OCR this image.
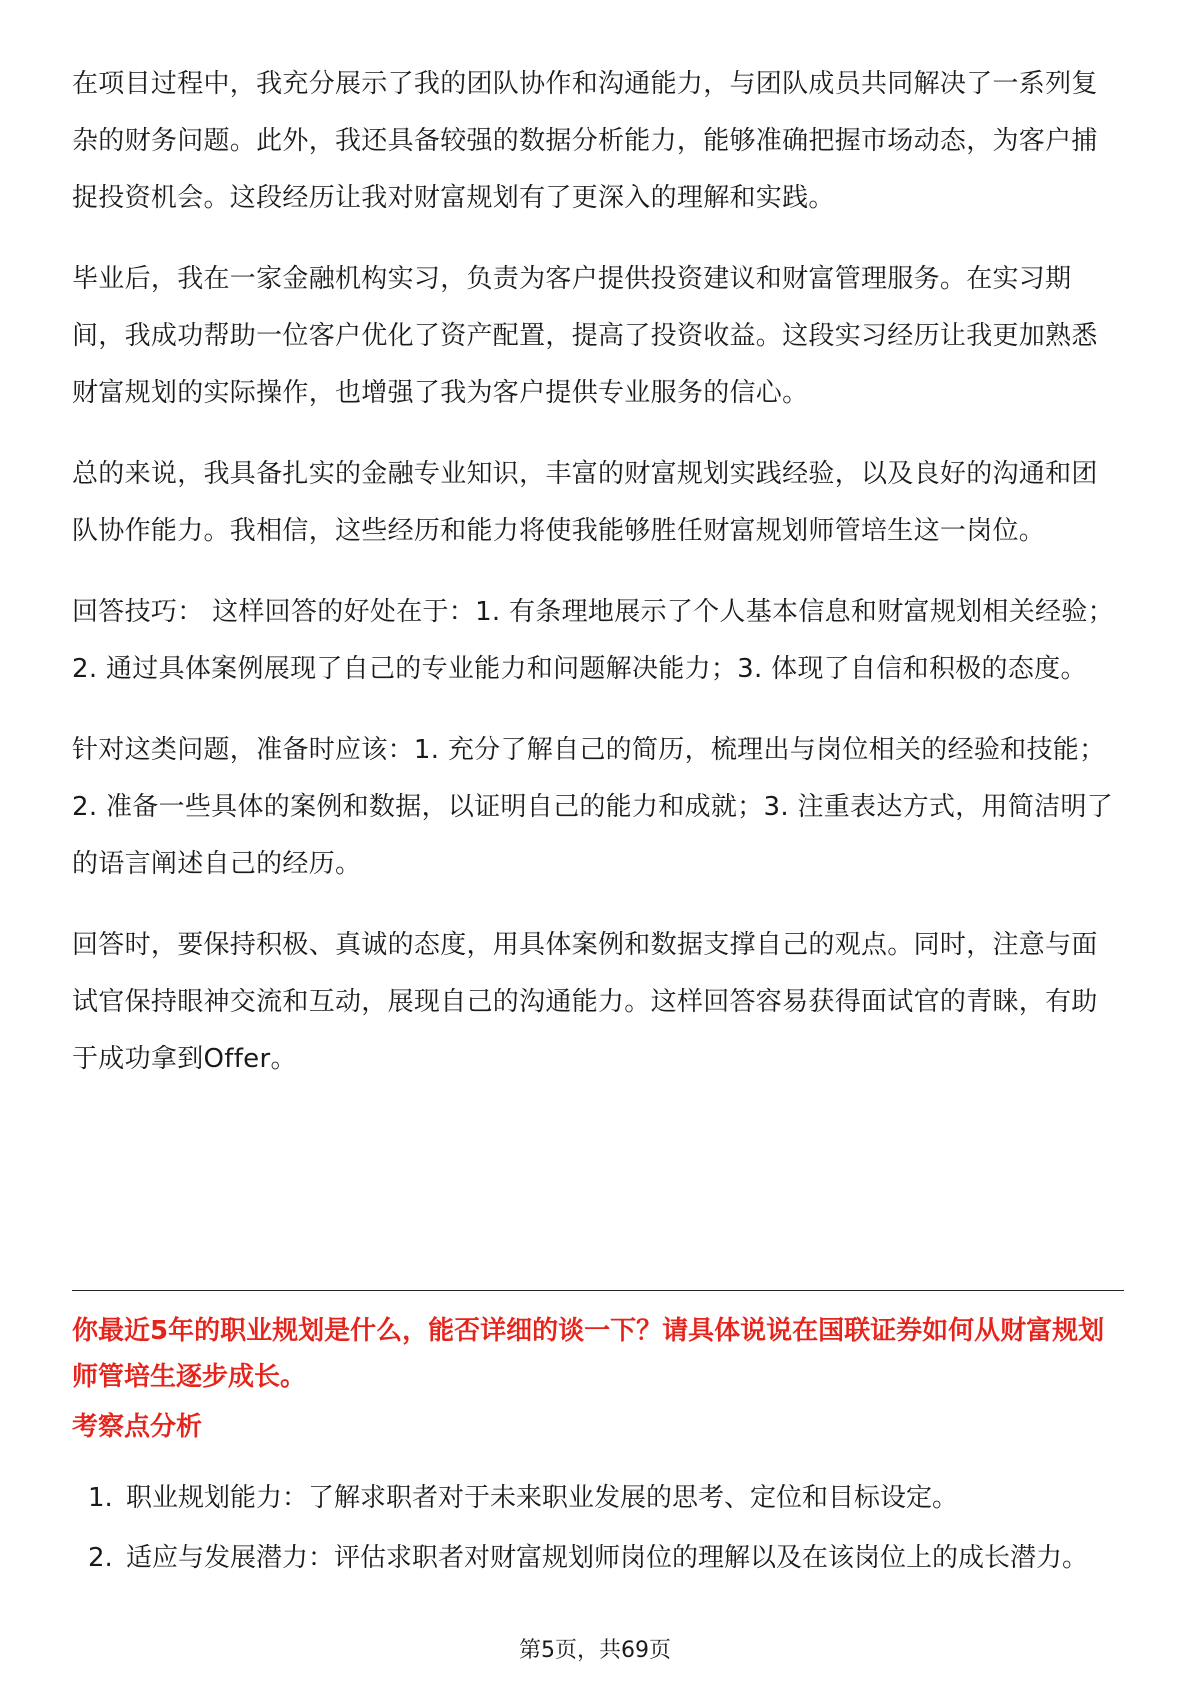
在项目过程中，我充分展示了我的团队协作和沟通能力，与团队成员共同解决了一系列复杂的财务问题。此外，我还具备较强的数据分析能力，能够准确把握市场动态，为客户捕捉投资机会。这段经历让我对财富规划有了更深入的理解和实践。

毕业后，我在一家金融机构实习，负责为客户提供投资建议和财富管理服务。在实习期间，我成功帮助一位客户优化了资产配置，提高了投资收益。这段实习经历让我更加熟悉财富规划的实际操作，也增强了我为客户提供专业服务的信心。

总的来说，我具备扎实的金融专业知识，丰富的财富规划实践经验，以及良好的沟通和团队协作能力。我相信，这些经历和能力将使我能够胜任财富规划师管培生这一岗位。

回答技巧： 这样回答的好处在于：1. 有条理地展示了个人基本信息和财富规划相关经验；2. 通过具体案例展现了自己的专业能力和问题解决能力；3. 体现了自信和积极的态度。

针对这类问题，准备时应该：1. 充分了解自己的简历，梳理出与岗位相关的经验和技能；2. 准备一些具体的案例和数据，以证明自己的能力和成就；3. 注重表达方式，用简洁明了的语言阐述自己的经历。

回答时，要保持积极、真诚的态度，用具体案例和数据支撑自己的观点。同时，注意与面试官保持眼神交流和互动，展现自己的沟通能力。这样回答容易获得面试官的青睐，有助于成功拿到Offer。

你最近5年的职业规划是什么，能否详细的谈一下？请具体说说在国联证券如何从财富规划师管培生逐步成长。

考察点分析

1. 职业规划能力：了解求职者对于未来职业发展的思考、定位和目标设定。
2. 适应与发展潜力：评估求职者对财富规划师岗位的理解以及在该岗位上的成长潜力。
第5页，共69页
